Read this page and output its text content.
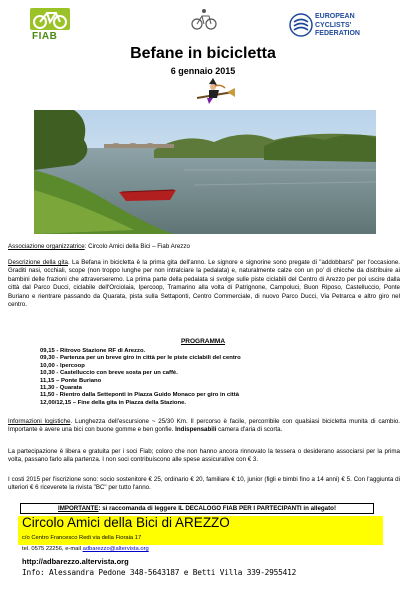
FIAB
EUROPEAN
CYCLISTS'
FEDERATION
Befane in bicicletta
6 gennaio 2015
Associazione organizzatrice: Circolo Amici della Bici – Fiab Arezzo
Descrizione della gita. La Befana in bicicletta è la prima gita dell'anno. Le signore e signorine sono pregate di "addobbarsi" per l'occasione. Graditi nasi, occhiali, scope (non troppo lunghe per non intralciare la pedalata) e, naturalmente calze con un po' di chicche da distribuire ai bambini delle frazioni che attraverseremo. La prima parte della pedalata si svolge sulle piste ciclabili del Centro di Arezzo per poi uscire dalla città dal Parco Ducci, ciclabile dell'Orciolaia, Ipercoop, Tramarino alla volta di Patrignone, Campoluci, Buon Riposo, Castelluccio, Ponte Buriano e rientrare passando da Quarata, pista sulla Settaponti, Centro Commerciale, di nuovo Parco Ducci, Via Petrarca e altro giro nel centro.
PROGRAMMA
09,15 - Ritrovo Stazione RF di Arezzo.
09,30 - Partenza per un breve giro in città per le piste ciclabili del centro
10,00 - Ipercoop
10,30 - Castelluccio con breve sosta per un caffè.
11,15 – Ponte Buriano
11,30 - Quarata
11,50 - Rientro dalla Setteponti in Piazza Guido Monaco per giro in città
12,00/12,15 – Fine della gita in Piazza della Stazione.
Informazioni logistiche. Lunghezza dell'escursione ~ 25/30 Km. Il percorso è facile, percorribile con qualsiasi bicicletta munita di cambio. Importante è avere una bici con buone gomme e ben gonfie. Indispensabili camera d'aria di scorta.
La partecipazione è libera e gratuita per i soci Fiab; coloro che non hanno ancora rinnovato la tessera o desiderano associarsi per la prima volta, passano farlo alla partenza. I non soci contribuiscono alle spese assicurative con € 3.
I costi 2015 per l'iscrizione sono: socio sostenitore € 25, ordinario € 20, familiare € 10, junior (figli e bimbi fino a 14 anni) € 5. Con l'aggiunta di ulteriori € 6 riceverete la rivista "BC" per tutto l'anno.
IMPORTANTE: si raccomanda di leggere IL DECALOGO FIAB PER I PARTECIPANTI in allegato!
Circolo Amici della Bici di AREZZO
c/o Centro Francesco Redi via della Fioraia 17
tel. 0575 22256, e-mail adbarezzo@altervista.org
http://adbarezzo.altervista.org
Info: Alessandra Pedone 348-5643187 e Betti Villa 339-2955412
